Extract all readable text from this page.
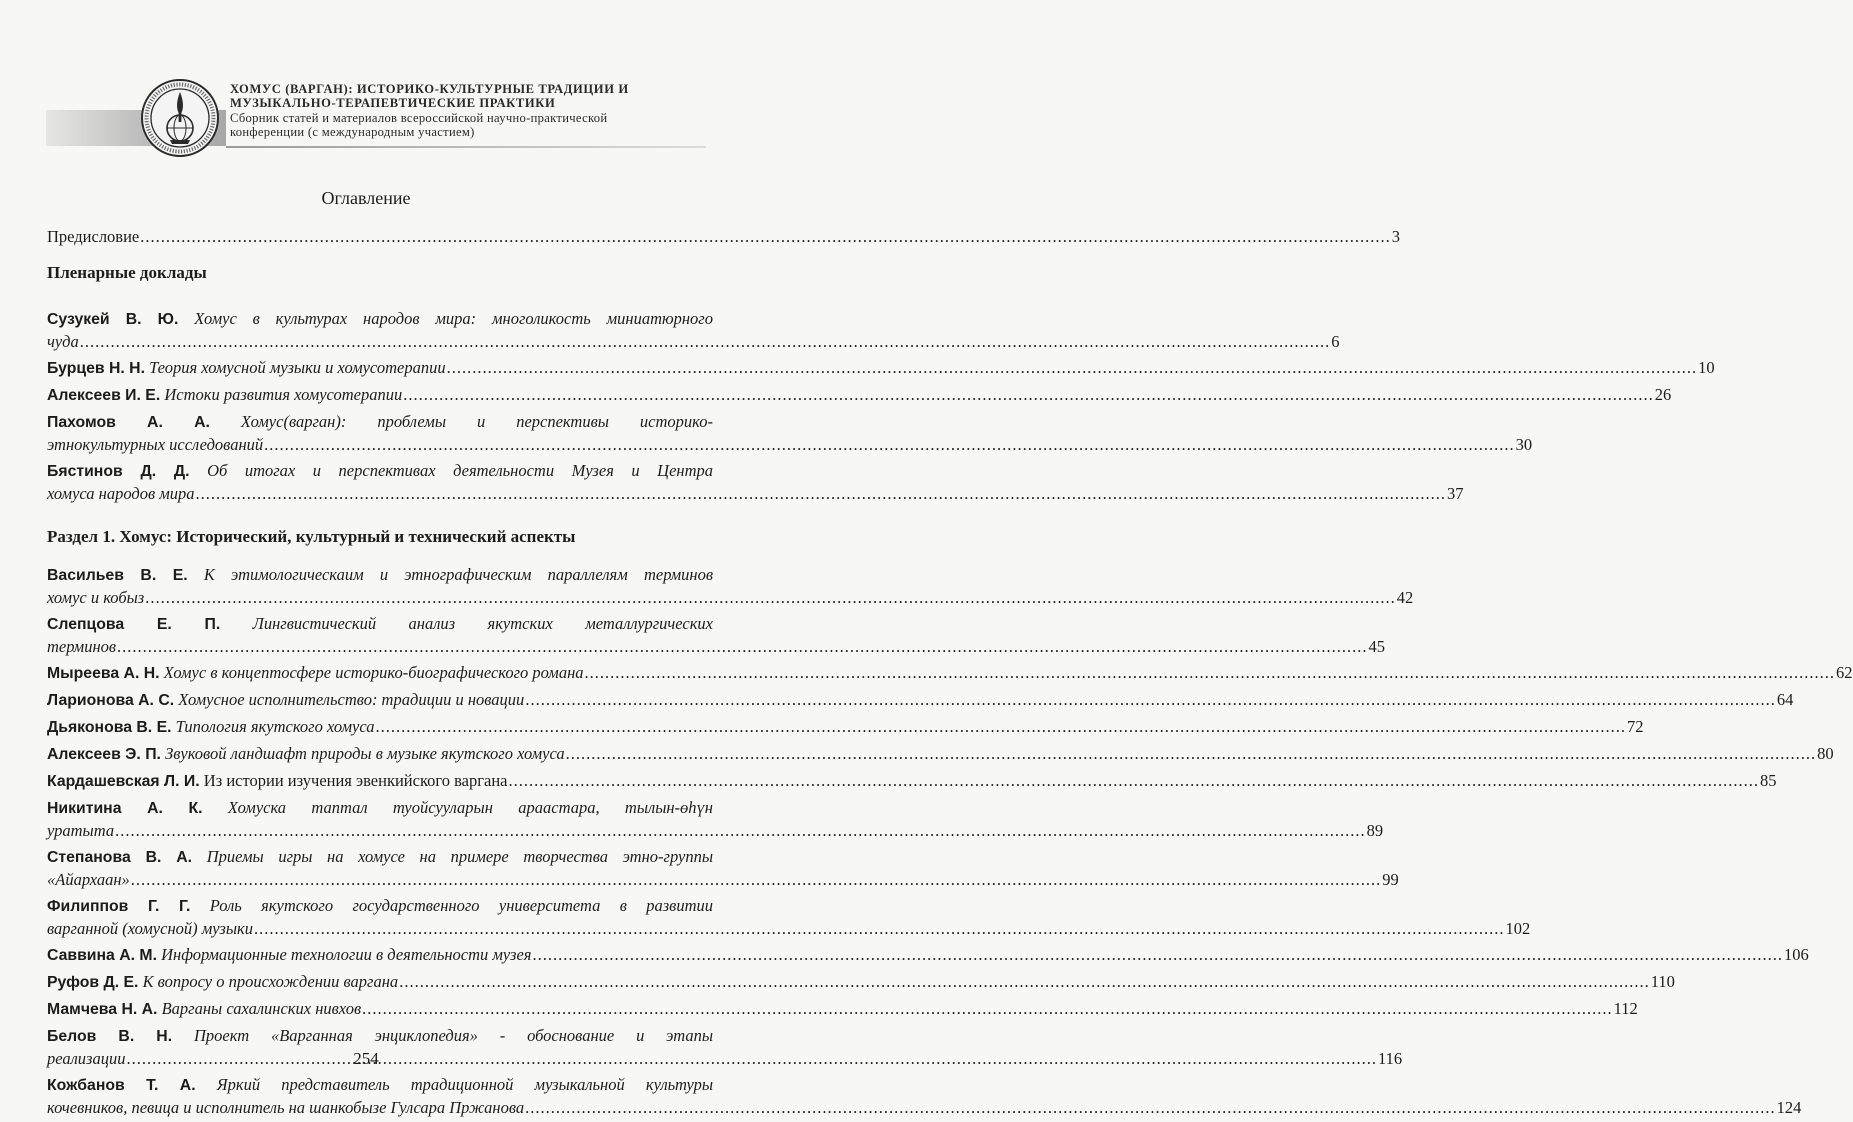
ХОМУС (ВАРГАН): ИСТОРИКО-КУЛЬТУРНЫЕ ТРАДИЦИИ И
МУЗЫКАЛЬНО-ТЕРАПЕВТИЧЕСКИЕ ПРАКТИКИ
Сборник статей и материалов всероссийской научно-практической
конференции (с международным участием)
Оглавление
Предисловие .....	3
Пленарные доклады
Сузукей В. Ю. Хомус в культурах народов мира: многоликость миниатюрного
чуда .....	6
Бурцев Н. Н. Теория хомусной музыки и хомусотерапии .....	10
Алексеев И. Е. Истоки развития хомусотерапии .....	26
Пахомов А. А. Хомус(варган): проблемы и перспективы историко-
этнокультурных исследований .....	30
Бястинов Д. Д. Об итогах и перспективах деятельности Музея и Центра
хомуса народов мира .....	37
Раздел 1. Хомус: Исторический, культурный и технический аспекты
Васильев В. Е. К этимологическаим и этнографическим параллелям терминов
хомус и кобыз .....	42
Слепцова Е. П. Лингвистический анализ якутских металлургических
терминов .....	45
Мыреева А. Н. Хомус в концептосфере историко-биографического романа .....	62
Ларионова А. С. Хомусное исполнительство: традиции и новации .....	64
Дьяконова В. Е. Типология якутского хомуса .....	72
Алексеев Э. П. Звуковой ландшафт природы в музыке якутского хомуса .....	80
Кардашевская Л. И. Из истории изучения эвенкийского варгана .....	85
Никитина А. К. Хомуска таптал туойсууларын араастара, тылын-өһүн
уратыта .....	89
Степанова В. А. Приемы игры на хомусе на примере творчества этно-группы
«Айархаан» .....	99
Филиппов Г. Г. Роль якутского государственного университета в развитии
варганной (хомусной) музыки .....	102
Саввина А. М. Информационные технологии в деятельности музея .....	106
Руфов Д. Е. К вопросу о происхождении варгана .....	110
Мамчева Н. А. Варганы сахалинских нивхов .....	112
Белов В. Н. Проект «Варганная энциклопедия» - обоснование и этапы
реализации .....	116
Кожбанов Т. А. Яркий представитель традиционной музыкальной культуры
кочевников, певица и исполнитель на шанкобызе Гулсара Пржанова .....	124
254
